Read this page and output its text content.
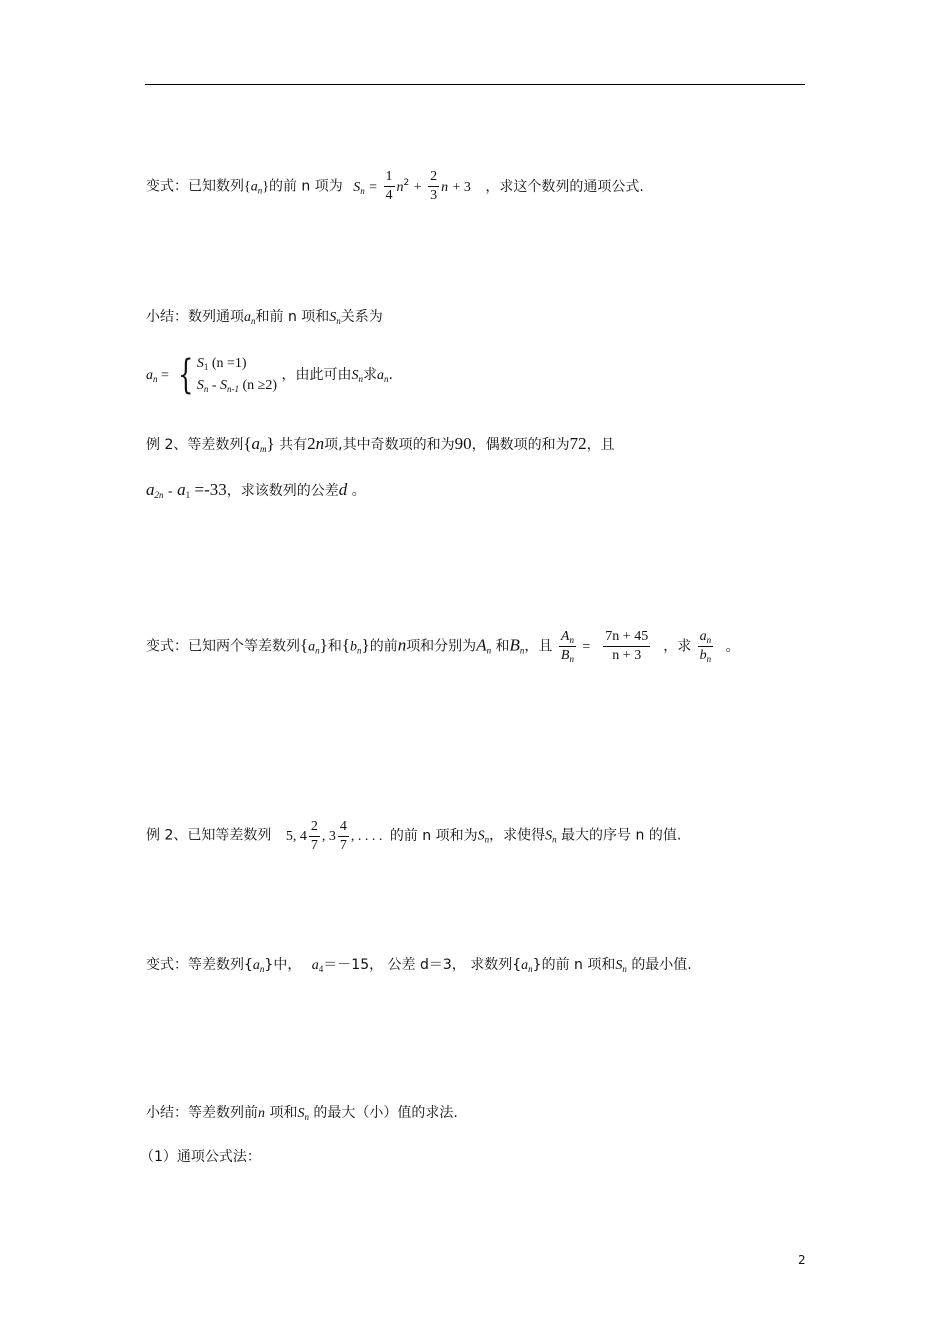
变式：已知数列$\{a_n\}$的前 n 项为 $S_n = \frac{1}{4} n^2 + \frac{2}{3}$ n + 3 ，求这个数列的通项公式.
小结：数列通项$a_n$和前 n 项和$S_n$关系为
$a_n$ = { $S_1$ (n =1)
$S_n - S_{n-1}$ (n ≥2)
，由此可由$S_n$求$a_n$.
例 2、等差数列$\{a_m\}$ 共有2n项,其中奇数项的和为90，偶数项的和为72，且
$a_{2n} - a_1 =-33$，求该数列的公差d 。
变式：已知两个等差数列$\{a_n\}$和$\{b_n\}$的前n项和分别为$A_n$ 和$B_n$，且 $\frac{A_n}{B_n} = \frac{7n + 45}{n + 3}$ ，求 $\frac{a_n}{b_n}$ 。
例 2、已知等差数列 5, $4 \frac{2}{7}$ , $3 \frac{4}{7}$ , . . . . 的前 n 项和为$S_n$，求使得$S_n$ 最大的序号 n 的值.
变式：等差数列$\{a_n\}$中， $a_4=-15$， 公差 d＝3， 求数列$\{a_n\}$的前 n 项和$S_n$ 的最小值.
小结：等差数列前n 项和$S_n$ 的最大（小）值的求法.
（1）通项公式法：
2
